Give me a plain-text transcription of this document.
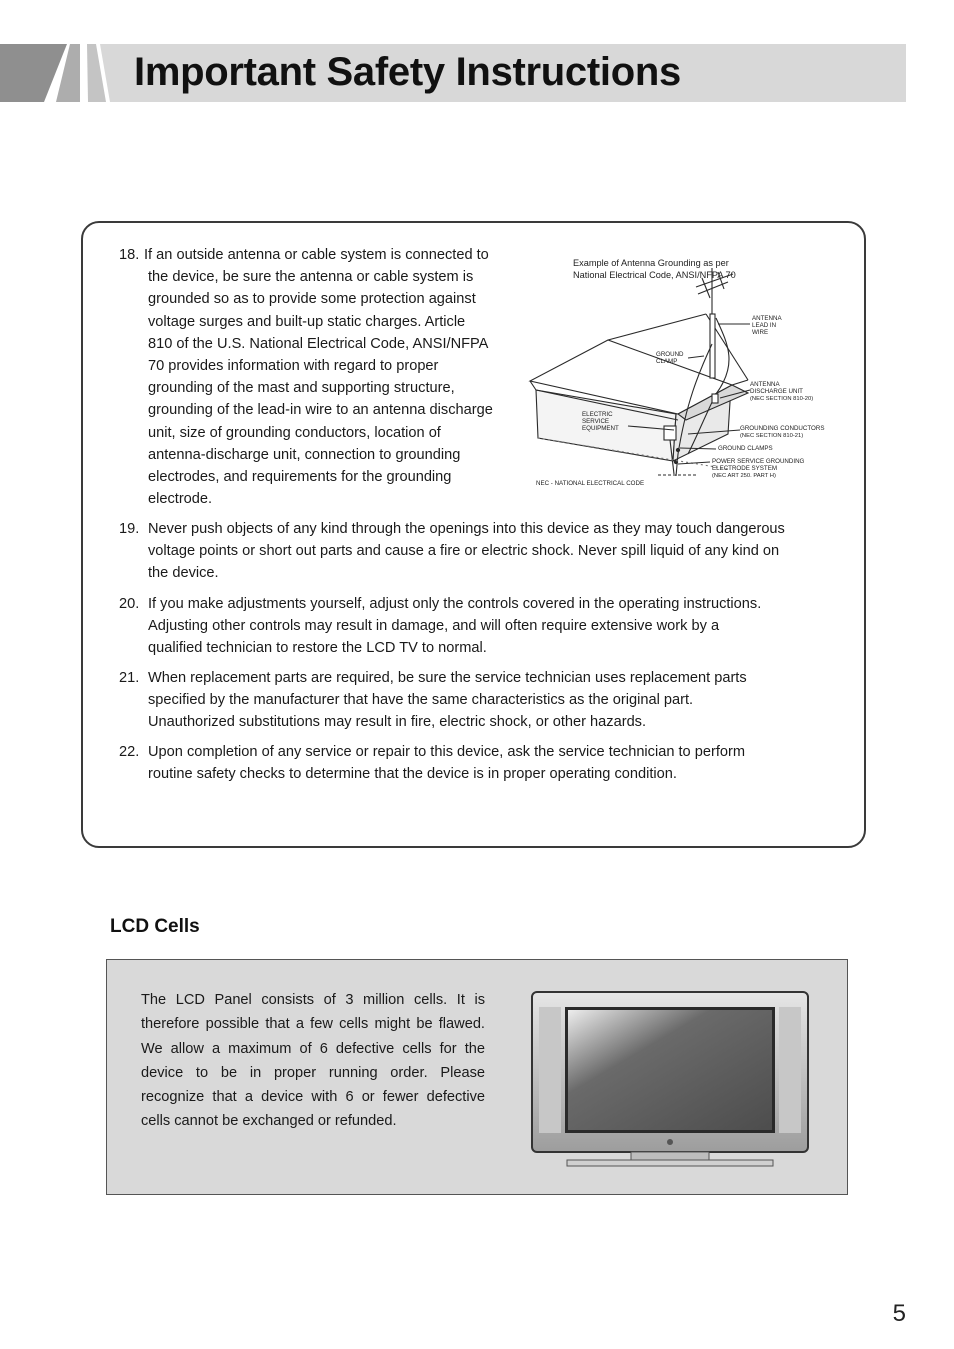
Important Safety Instructions
18. If an outside antenna or cable system is connected to
the device, be sure the antenna or cable system is
grounded so as to provide some protection against
voltage surges and built-up static charges. Article
810 of the U.S. National Electrical Code, ANSI/NFPA
70 provides information with regard to proper
grounding of the mast and supporting structure,
grounding of the lead-in wire to an antenna discharge
unit, size of grounding conductors, location of
antenna-discharge unit, connection to grounding
electrodes, and requirements for the grounding
electrode.
Example of Antenna Grounding as per
National Electrical Code, ANSI/NFPA 70
ANTENNA
LEAD IN
WIRE
GROUND
CLAMP
ANTENNA
DISCHARGE UNIT
(NEC SECTION 810-20)
ELECTRIC
SERVICE
EQUIPMENT	GROUNDING CONDUCTORS
(NEC SECTION 810-21)
GROUND CLAMPS
POWER SERVICE GROUNDING
ELECTRODE SYSTEM
(NEC ART 250. PART H)
NEC - NATIONAL ELECTRICAL CODE
19. Never push objects of any kind through the openings into this device as they may touch dangerous
voltage points or short out parts and cause a fire or electric shock. Never spill liquid of any kind on
the device.
20. If you make adjustments yourself, adjust only the controls covered in the operating instructions.
Adjusting other controls may result in damage, and will often require extensive work by a
qualified technician to restore the LCD TV to normal.
21. When replacement parts are required, be sure the service technician uses replacement parts
specified by the manufacturer that have the same characteristics as the original part.
Unauthorized substitutions may result in fire, electric shock, or other hazards.
22. Upon completion of any service or repair to this device, ask the service technician to perform
routine safety checks to determine that the device is in proper operating condition.
LCD Cells

The LCD Panel consists of 3 million cells. It is therefore possible that a few cells might be flawed. We allow a maximum of 6 defective cells for the device to be in proper running order. Please recognize that a device with 6 or fewer defective cells cannot be exchanged or refunded.

5
